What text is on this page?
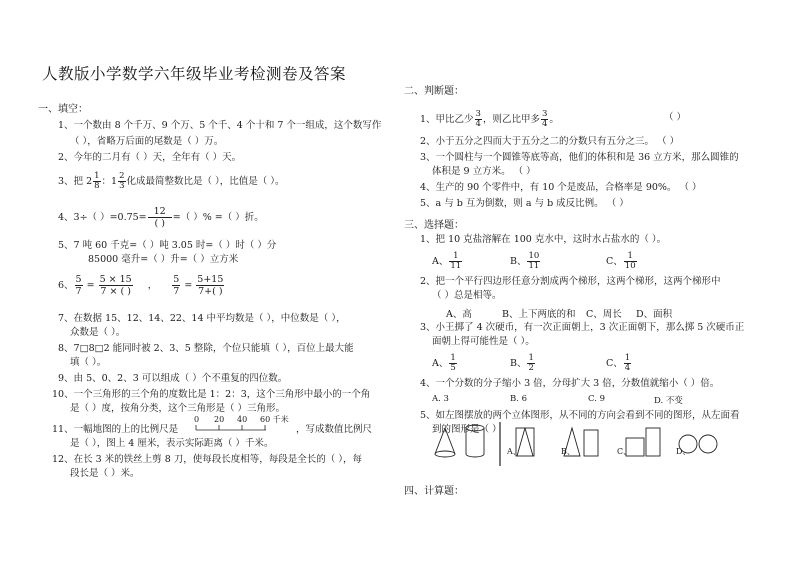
人教版小学数学六年级毕业考检测卷及答案
一、填空：
1、一个数由 8 个千万、9 个万、5 个千、4 个十和 7 个一组成，这个数写作
（ ），省略万后面的尾数是（ ）万。
2、今年的二月有（ ）天，全年有（ ）天。
3、把 $2 \frac{1}{8}$ ：$1 \frac{2}{3}$ 化成最简整数比是（ ），比值是（ ）。
4、3÷（ ）$=0.75= \frac{12}{( )}$ =（ ）% =（ ）折。
5、7 吨 60 千克=（ ）吨 3.05 时=（ ）时（ ）分
85000 毫升=（ ）升=（ ）立方米
6、 $\frac{5}{7} = \frac{5 \times 15}{7 \times ( )}$ ， $\frac{5}{7} = \frac{5+15}{7+( )}$
7、在数据 15、12、14、22、14 中平均数是（ ），中位数是（ ），
众数是（ ）。
8、7□8□2 能同时被 2、3、5 整除，个位只能填（ ），百位上最大能
填（ ）。
9、由 5、0、2、3 可以组成（ ）个不重复的四位数。
10、一个三角形的三个角的度数比是 1：2：3，这个三角形中最小的一个角
是（ ）度，按角分类，这个三角形是（ ）三角形。
11、一幅地图的上的比例尺是
0 20 40 60 千米
，写成数值比例尺
是（ ），图上 4 厘米，表示实际距离（ ）千米。
12、在长 3 米的铁丝上剪 8 刀，使每段长度相等，每段是全长的（ ），每
段长是（ ）米。
二、判断题：
1、甲比乙少 $\frac{3}{4}$ ，则乙比甲多 $\frac{3}{4}$ 。	（ ）
2、小于五分之四而大于五分之二的分数只有五分之三。 （ ）
3、一个圆柱与一个圆锥等底等高，他们的体积和是 36 立方米，那么圆锥的
体积是 9 立方米。 （ ）
4、生产的 90 个零件中，有 10 个是废品，合格率是 90%。 （ ）
5、a 与 b 互为倒数，则 a 与 b 成反比例。 （ ）
三、选择题：
1、把 10 克盐溶解在 100 克水中，这时水占盐水的（ ）。
A、 $\frac{1}{11}$	B、 $\frac{10}{11}$	C、 $\frac{1}{10}$
2、把一个平行四边形任意分割成两个梯形，这两个梯形，这两个梯形中
（ ）总是相等。
A、高	B、上下两底的和 C、周长 D、面积
3、小王掷了 4 次硬币，有一次正面朝上，3 次正面朝下，那么掷 5 次硬币正
面朝上得可能性是（ ）。
A、 $\frac{1}{5}$	B、 $\frac{1}{2}$	C、 $\frac{1}{4}$
4、一个分数的分子缩小 3 倍，分母扩大 3 倍，分数值就缩小（ ）倍。
A. 3	B. 6	C. 9	D. 不变
5、如左图摆放的两个立体图形，从不同的方向会看到不同的图形，从左面看
到的图形是（ ）
A、	B、	C、	D、
四、计算题：
